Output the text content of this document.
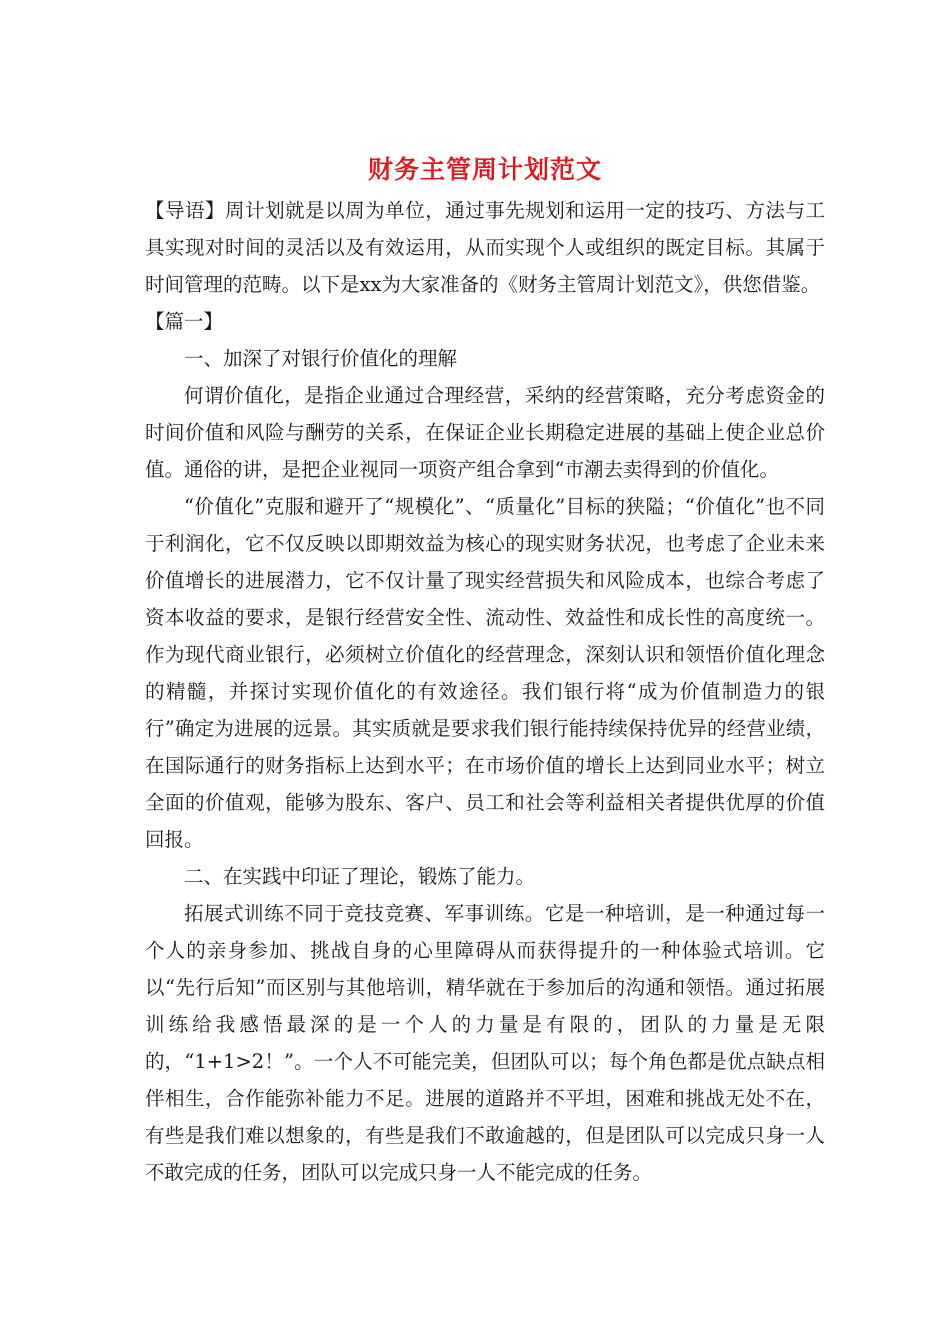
财务主管周计划范文

【导语】周计划就是以周为单位，通过事先规划和运用一定的技巧、方法与工具实现对时间的灵活以及有效运用，从而实现个人或组织的既定目标。其属于时间管理的范畴。以下是xx为大家准备的《财务主管周计划范文》，供您借鉴。

【篇一】

一、加深了对银行价值化的理解

何谓价值化，是指企业通过合理经营，采纳的经营策略，充分考虑资金的时间价值和风险与酬劳的关系，在保证企业长期稳定进展的基础上使企业总价值。通俗的讲，是把企业视同一项资产组合拿到“市潮去卖得到的价值化。

“价值化”克服和避开了“规模化”、“质量化”目标的狭隘；“价值化”也不同于利润化，它不仅反映以即期效益为核心的现实财务状况，也考虑了企业未来价值增长的进展潜力，它不仅计量了现实经营损失和风险成本，也综合考虑了资本收益的要求，是银行经营安全性、流动性、效益性和成长性的高度统一。作为现代商业银行，必须树立价值化的经营理念，深刻认识和领悟价值化理念的精髓，并探讨实现价值化的有效途径。我们银行将“成为价值制造力的银行”确定为进展的远景。其实质就是要求我们银行能持续保持优异的经营业绩，在国际通行的财务指标上达到水平；在市场价值的增长上达到同业水平；树立全面的价值观，能够为股东、客户、员工和社会等利益相关者提供优厚的价值回报。

二、在实践中印证了理论，锻炼了能力。

拓展式训练不同于竞技竞赛、军事训练。它是一种培训，是一种通过每一个人的亲身参加、挑战自身的心里障碍从而获得提升的一种体验式培训。它以“先行后知”而区别与其他培训，精华就在于参加后的沟通和领悟。通过拓展训练给我感悟最深的是一个人的力量是有限的，团队的力量是无限的，“1+1>2！”。一个人不可能完美，但团队可以；每个角色都是优点缺点相伴相生，合作能弥补能力不足。进展的道路并不平坦，困难和挑战无处不在，有些是我们难以想象的，有些是我们不敢逾越的，但是团队可以完成只身一人不敢完成的任务，团队可以完成只身一人不能完成的任务。
